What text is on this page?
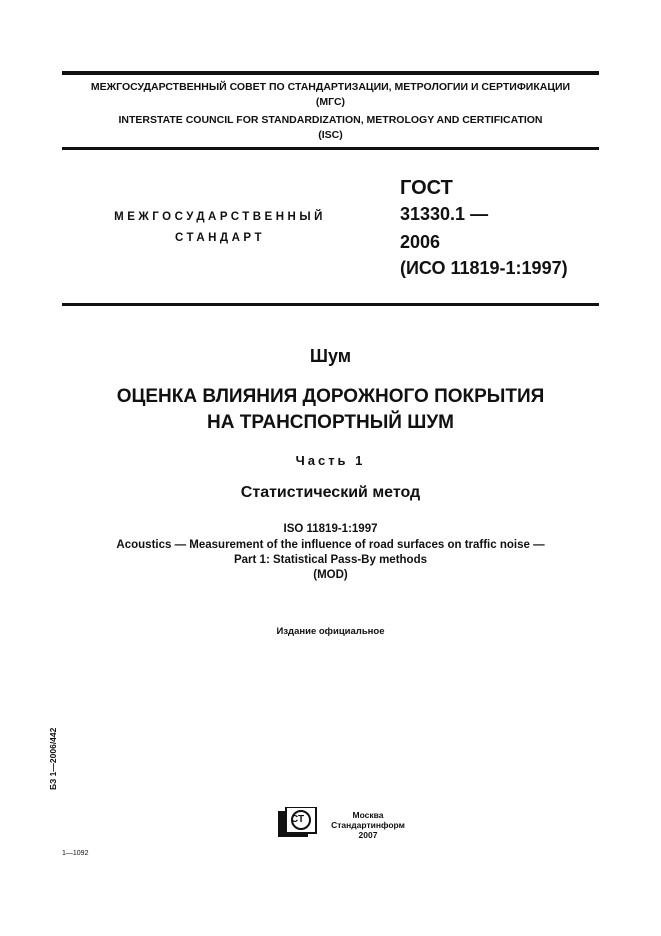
МЕЖГОСУДАРСТВЕННЫЙ СОВЕТ ПО СТАНДАРТИЗАЦИИ, МЕТРОЛОГИИ И СЕРТИФИКАЦИИ
(МГС)
INTERSTATE COUNCIL FOR STANDARDIZATION, METROLOGY AND CERTIFICATION
(ISC)
МЕЖГОСУДАРСТВЕННЫЙ
СТАНДАРТ
ГОСТ
31330.1 —
2006
(ИСО 11819-1:1997)
Шум
ОЦЕНКА ВЛИЯНИЯ ДОРОЖНОГО ПОКРЫТИЯ
НА ТРАНСПОРТНЫЙ ШУМ
Часть 1
Статистический метод
ISO 11819-1:1997
Acoustics — Measurement of the influence of road surfaces on traffic noise —
Part 1: Statistical Pass-By methods
(MOD)
Издание официальное
БЗ 1—2006/442
СТ	Москва
Стандартинформ
2007
1—1092
